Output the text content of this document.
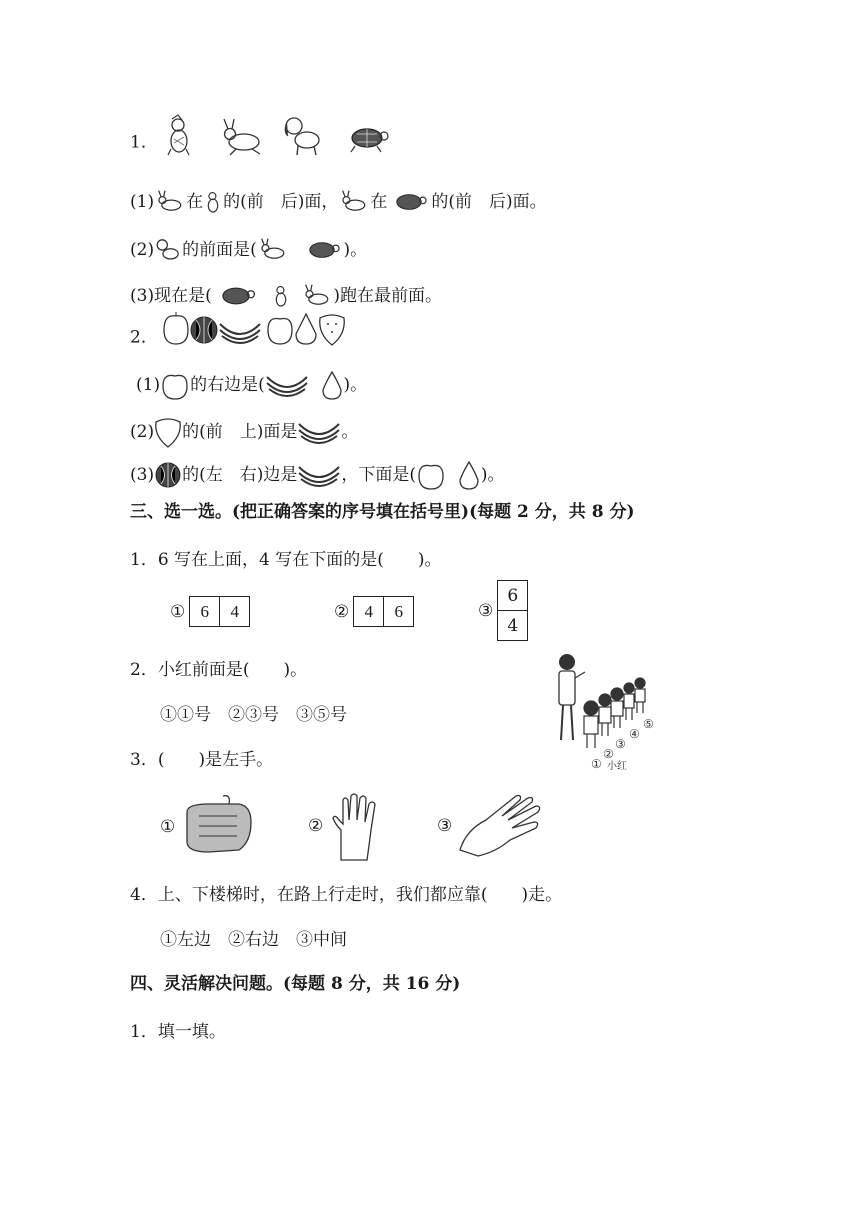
1．
(1) 在 的(前　后)面， 在	的(前　后)面。
(2) 的前面是(	)。
(3)现在是(	)跑在最前面。
2．
(1) 的右边是(	)。
(2) 的(前　上)面是	。
(3) 的(左　右)边是	，下面是(	)。
三、选一选。(把正确答案的序号填在括号里)(每题 2 分，共 8 分)
1．6 写在上面，4 写在下面的是(　　)。
① 6	4	② 4	6	③
6
4
2．小红前面是(　　)。
①①号　②③号　③⑤号
①
②
③
④
⑤
小红
3．(　　)是左手。
①	②	③
4．上、下楼梯时，在路上行走时，我们都应靠(　　)走。
①左边　②右边　③中间
四、灵活解决问题。(每题 8 分，共 16 分)
1．填一填。
